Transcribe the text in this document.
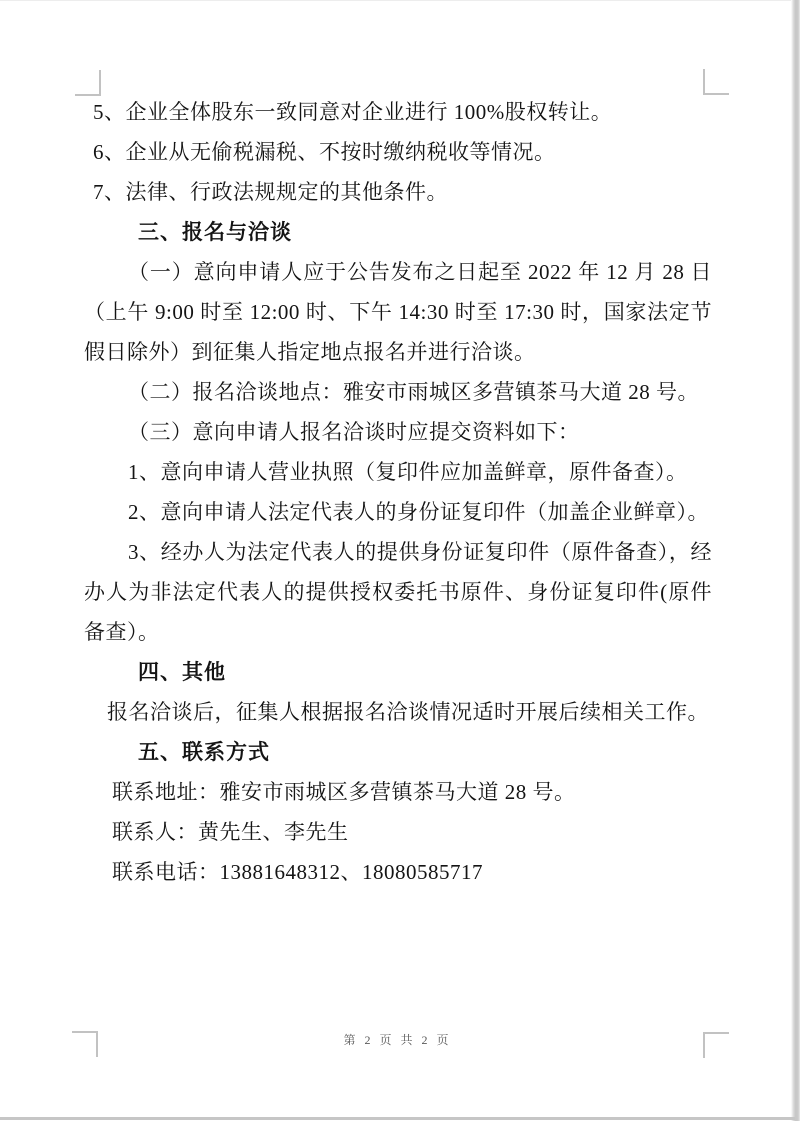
5、企业全体股东一致同意对企业进行 100%股权转让。

6、企业从无偷税漏税、不按时缴纳税收等情况。

7、法律、行政法规规定的其他条件。

三、报名与洽谈

（一）意向申请人应于公告发布之日起至 2022 年 12 月 28 日（上午 9:00 时至 12:00 时、下午 14:30 时至 17:30 时，国家法定节假日除外）到征集人指定地点报名并进行洽谈。

（二）报名洽谈地点：雅安市雨城区多营镇茶马大道 28 号。

（三）意向申请人报名洽谈时应提交资料如下：

1、意向申请人营业执照（复印件应加盖鲜章，原件备查）。

2、意向申请人法定代表人的身份证复印件（加盖企业鲜章）。

3、经办人为法定代表人的提供身份证复印件（原件备查），经办人为非法定代表人的提供授权委托书原件、身份证复印件(原件备查）。

四、其他

报名洽谈后，征集人根据报名洽谈情况适时开展后续相关工作。

五、联系方式

联系地址：雅安市雨城区多营镇茶马大道 28 号。

联系人：黄先生、李先生

联系电话：13881648312、18080585717

第 2 页 共 2 页
